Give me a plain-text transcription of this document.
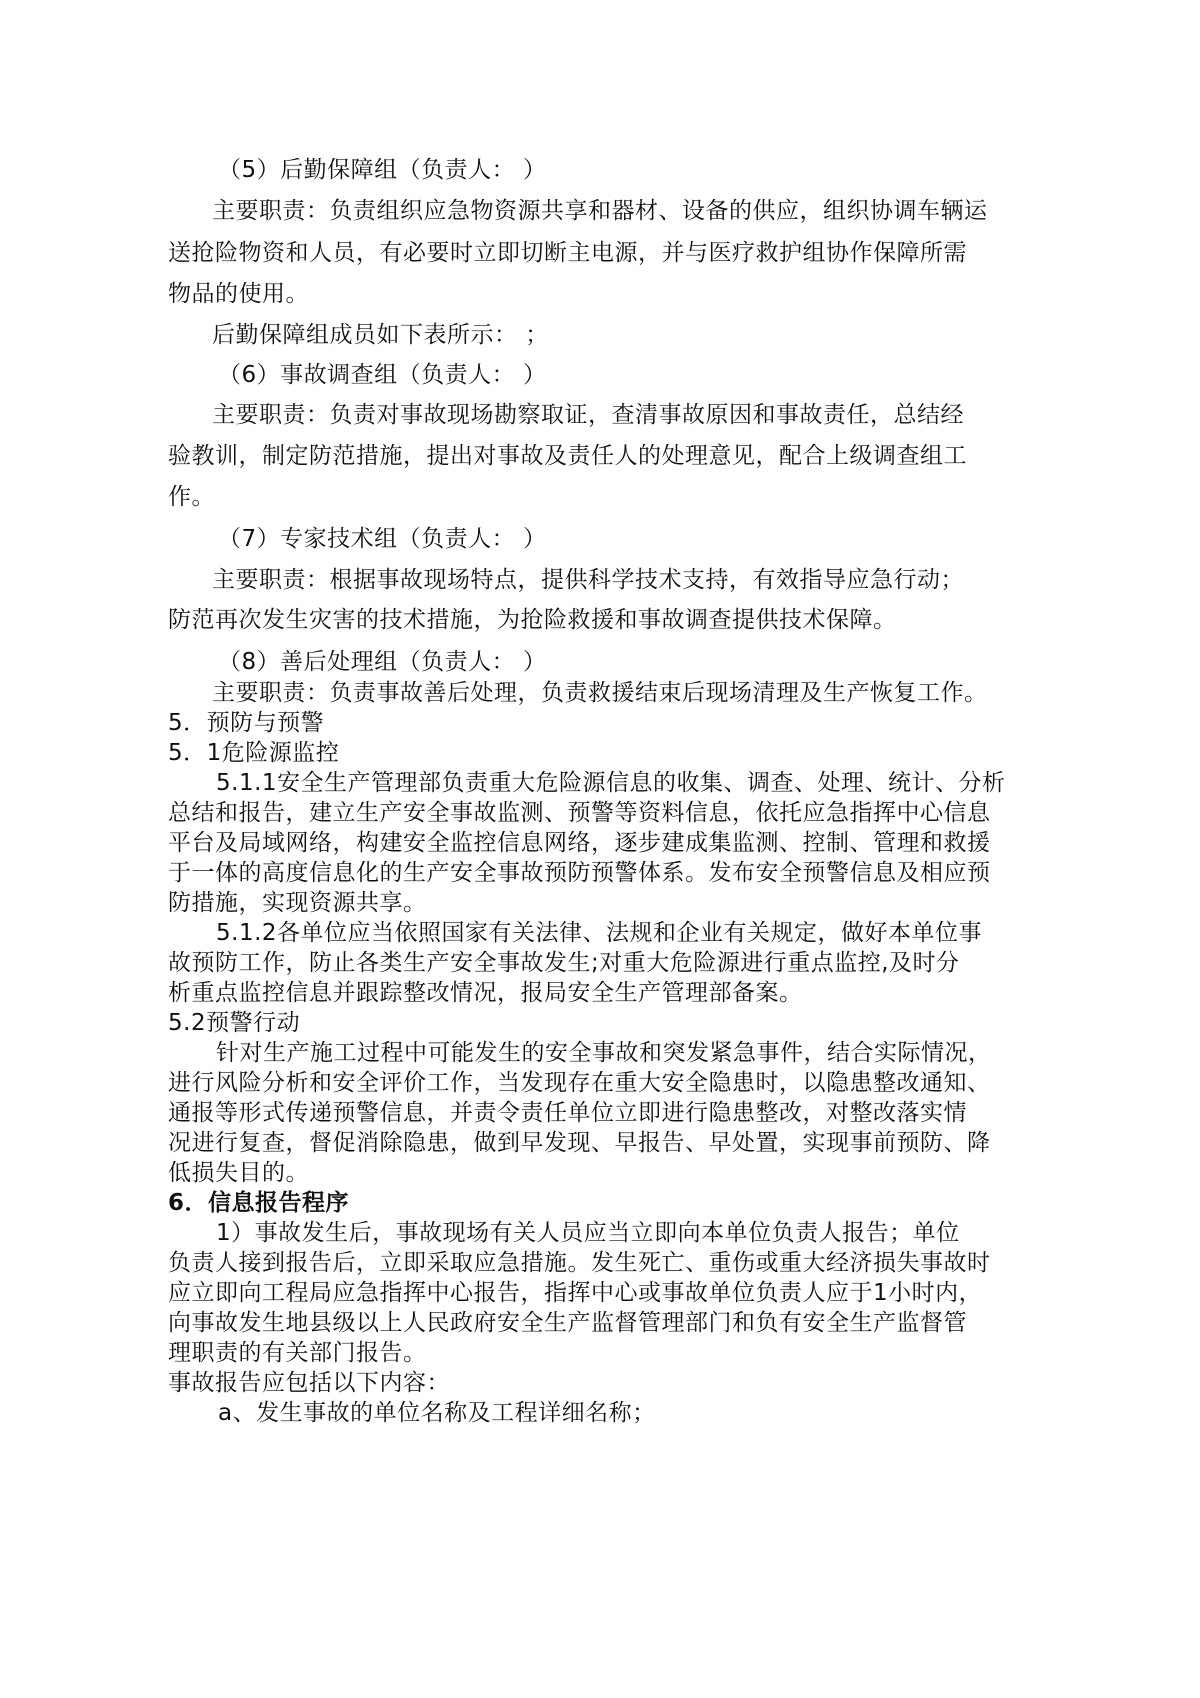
（5）后勤保障组（负责人： ）
主要职责：负责组织应急物资源共享和器材、设备的供应，组织协调车辆运
送抢险物资和人员，有必要时立即切断主电源，并与医疗救护组协作保障所需
物品的使用。
后勤保障组成员如下表所示： ；
（6）事故调查组（负责人： ）
主要职责：负责对事故现场勘察取证，查清事故原因和事故责任，总结经
验教训，制定防范措施，提出对事故及责任人的处理意见，配合上级调查组工
作。
（7）专家技术组（负责人： ）
主要职责：根据事故现场特点，提供科学技术支持，有效指导应急行动；
防范再次发生灾害的技术措施，为抢险救援和事故调查提供技术保障。
（8）善后处理组（负责人： ）
主要职责：负责事故善后处理，负责救援结束后现场清理及生产恢复工作。
5．预防与预警
5．1危险源监控
5.1.1安全生产管理部负责重大危险源信息的收集、调查、处理、统计、分析
总结和报告，建立生产安全事故监测、预警等资料信息，依托应急指挥中心信息
平台及局域网络，构建安全监控信息网络，逐步建成集监测、控制、管理和救援
于一体的高度信息化的生产安全事故预防预警体系。发布安全预警信息及相应预
防措施，实现资源共享。
5.1.2各单位应当依照国家有关法律、法规和企业有关规定，做好本单位事
故预防工作，防止各类生产安全事故发生;对重大危险源进行重点监控,及时分
析重点监控信息并跟踪整改情况，报局安全生产管理部备案。
5.2预警行动
针对生产施工过程中可能发生的安全事故和突发紧急事件，结合实际情况，
进行风险分析和安全评价工作，当发现存在重大安全隐患时，以隐患整改通知、
通报等形式传递预警信息，并责令责任单位立即进行隐患整改，对整改落实情
况进行复查，督促消除隐患，做到早发现、早报告、早处置，实现事前预防、降
低损失目的。
6．信息报告程序
1）事故发生后，事故现场有关人员应当立即向本单位负责人报告；单位
负责人接到报告后，立即采取应急措施。发生死亡、重伤或重大经济损失事故时
应立即向工程局应急指挥中心报告，指挥中心或事故单位负责人应于1小时内，
向事故发生地县级以上人民政府安全生产监督管理部门和负有安全生产监督管
理职责的有关部门报告。
事故报告应包括以下内容：
a、发生事故的单位名称及工程详细名称；
